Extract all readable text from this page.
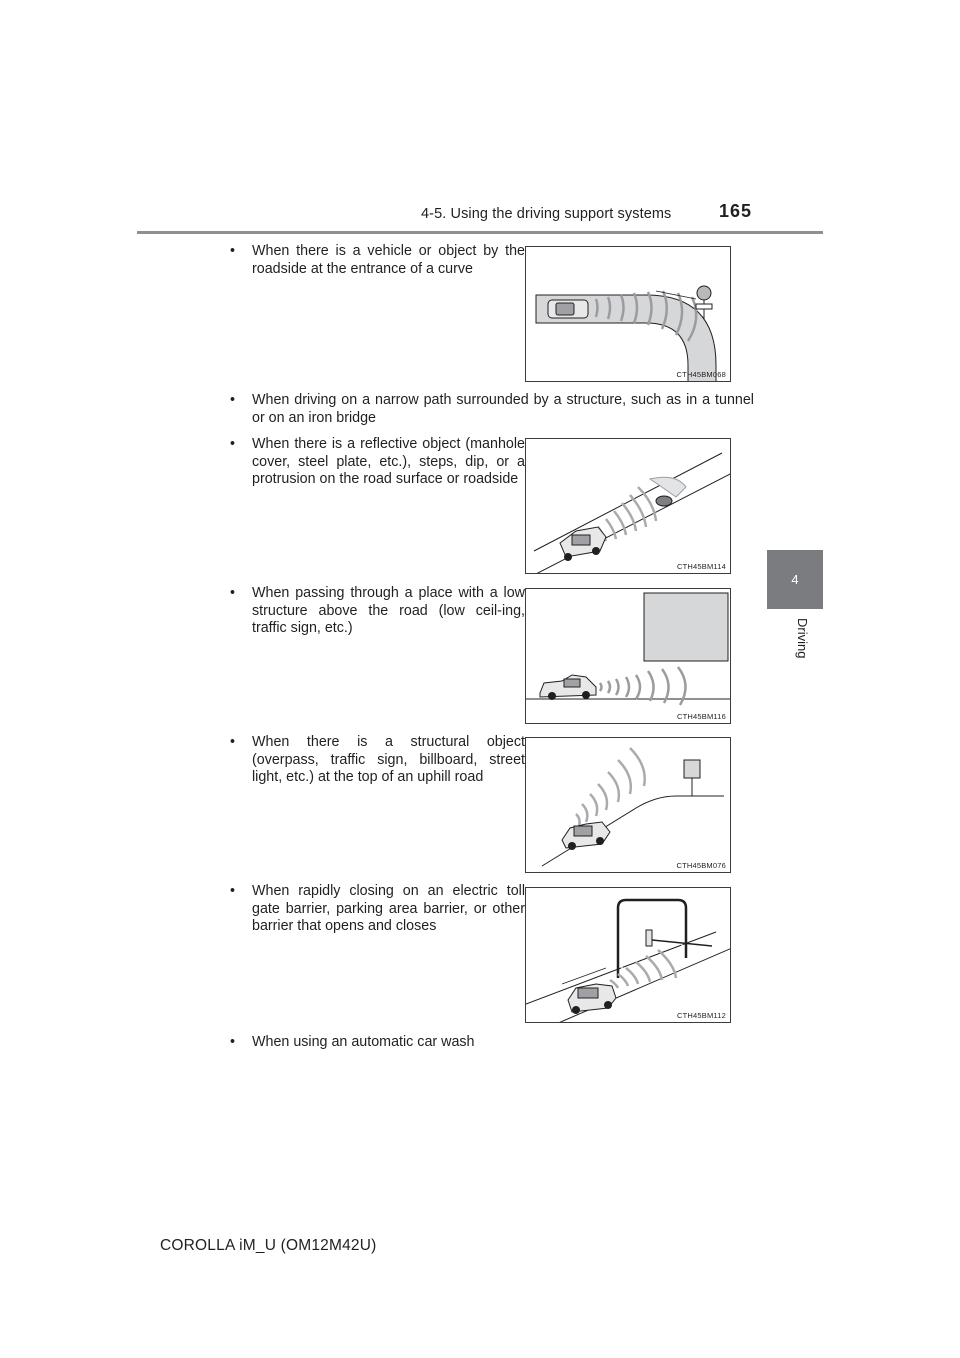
4-5. Using the driving support systems	165
4
Driving
• When there is a vehicle or object by the roadside at the entrance of a curve
CTH45BM068
• When driving on a narrow path surrounded by a structure, such as in a tunnel or on an iron bridge
• When there is a reflective object (manhole cover, steel plate, etc.), steps, dip, or a protrusion on the road surface or roadside
CTH45BM114
• When passing through a place with a low structure above the road (low ceil-ing, traffic sign, etc.)
CTH45BM116
• When there is a structural object (overpass, traffic sign, billboard, street light, etc.) at the top of an uphill road
CTH45BM076
• When rapidly closing on an electric toll gate barrier, parking area barrier, or other barrier that opens and closes
CTH45BM112
• When using an automatic car wash
COROLLA iM_U (OM12M42U)
